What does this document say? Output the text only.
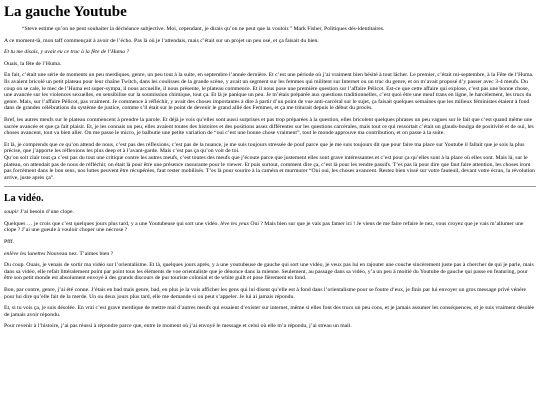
La gauche Youtube

“Steve estime qu’on ne peut souhaiter la déchéance subjective. Moi, cependant, je dirais qu’on ne peut que la vouloir.” Mark Fisher, Politiques dés-identitaires.

A ce moment-là, mon taff commençait à avoir de l’écho. Pas là où je l’attendais, mais c’était sur un projet un peu osé, et ça faisait du bien.

Et tu me disais, y avait eu ce truc à la fête de l’Huma ?

Ouais, la fête de l’Huma.

En fait, c’était une série de moments un peu merdiques, genre, un peu tout à la suite, en septembre l’année dernière. Et c’est une période où j’ai vraiment bien hésité à tout lâcher. Le premier, c’était mi-septembre, à la Fête de l’Huma. Ils avaient bricolé un petit plateau pour leur chaîne Twitch, dans les coulisses de la grande scène, y avait un segment sur les femmes qui militent sur Internet ou un truc du genre, et on m’avait proposé d’y passer avec 3-4 meufs. Du coup on se cale, le mec de l’Huma est super-sympa, il nous accueille, il nous présente, le plateau commence. Et il nous pose une première question sur l’affaire Pélicot. Est-ce que cette affaire qui explose, c’est pas une bonne chose, une avancée sur les violences sexuelles, en sensibilise sur la soumission chimique, tout ça. Et là je panique un peu. Je m’étais préparée aux questions traditionnelles, c’est quoi être une meuf trans en ligne, le harcèlement, les trucs du genre. Mais, sur l’affaire Pélicot, pas vraiment. Je commence à réfléchir, y avait des choses importantes à dire à partir d’un point de vue anti-carcéral sur le sujet, ça faisait quelques semaines que les milieux féministes étaient à fond dans de grandes célébrations du système de justice, comme s’il était sur le point de devenir le grand allié des Femmes, et ça me triturait depuis le début du procès.

Bref, les autres meufs sur le plateau commencent à prendre la parole. Et déjà je vois qu’elles sont aussi surprises et pas trop préparées à la question, elles bricolent quelques phrases un peu vagues sur le fait que c’est quand même une sacrée avancée et que ça fait plaisir. Et, je les connais un peu, elles avaient toutes des histoires et des positions assez différentes sur les questions carcérales, mais tout ce qui ressortait c’était un glauds-boulga de positivité et de oui, les choses avancent, tout va bien aller. On me passe le micro, je balbutie une petite variation de “oui c’est une bonne chose vraiment”, tout le monde approuve ma contribution, et on passe à la suite.

Et là, je comprends que ce qu’on attend de nous, c’est pas des réflexions, c’est pas de la nuance, je me suis toujours stressée de pouf parce que je me suis toujours dit que pour faire ma place sur Youtube il fallait que je sois la plus précise, que j’apporte les réflexions les plus deep et à l’avant-garde. Mais c’est pas ça qu’on voit de toi.
Qu’on soit clair tout ça c’est pas du tout une critique contre les autres meufs, c’est toutes des meufs que j’écoute parce que justement elles sont grave intéressantes et c’est pour ça qu’elles sont à la place où elles sont. Mais là, sur le plateau, on attendait pas de nous de réfléchir, on était là pour être une présence rassurante pour le viewer. Et puis surtout, comment dire ça, c’est là pour les rendre passifs. T’es pas là pour dire que faut faire attention, les choses iront pas forcément dans le bon sens, nos luttes peuvent être récupérées, faut rester mobilisés. T’es là pour sourire à la caméra et murmurer “Oui oui, les choses avancent. Restez bien vissé sur votre fauteuil, devant votre écran, la révolution arrive, juste après ça”.

La vidéo.

soupir J’ai besoin d’une clope.

Quelques … je crois que c’est quelques jours plus tard, y a une Youtubeuse qui sort une vidéo. lève les yeux Oui ? Mais bien sur que je vais pas famer ici ! Je viens de me faire refaire le nez, vous croyez que je vais m’allumer une clope ? J’ai une gueule à vouloir choper une nécrose ?

Pfff.

enlève les lunettes Nouveau nez. T’aimes bien ?

Du coup. Ouais, je venais de sortir ma vidéo sur l’orientalisme. Et là, quelques jours après, y a une youtubeuse de gauche qui sort une vidéo, je veux pas lui en rajouter une couche sincèrement juste pas à chercher de qui je parle, mais dans sa vidéo, elle refait littéralement point par point tous les éléments de voe orientaliste que je dénonce dans la mienne. Seulement, au passage dans sa vidéo, y’a un peu à moitié du Youtube de gauche qui passe en featuring, pour être son petit monde est absolument envoyé à des grands discours de pur touriste colonial et de white guilt et pose fièrement en fond.

Bon, par contre, genre, j’ai été conne. J’étais en bad mais genre, bad, en plus je la vois afficher les gens qui lui disent qu’elle est à fond dans l’orientalisme pour se foutre d’eux, je finis par lui envoyer un gros message privé vénère pour lui dire qu’elle fait de la merde. Un ou deux jours plus tard, elle me demande si on peut s’appeler. Je lui ai jamais répondu.

Et, si tu vois ça, je suis désolée. En vrai c’est grave merdique de mettre mal d’autres meufs qui essaient d’exister sur internet, même si elles font des trucs un peu cons, et je jamais assumer les conséquences, et je suis vraiment désolée de jamais avoir répondu.

Pour revenir à l’histoire, j’ai pas réussi à répondre parce que, entre le moment où j’ai envoyé le message et celui où elle m’a répondu, j’ai streau un mail.
